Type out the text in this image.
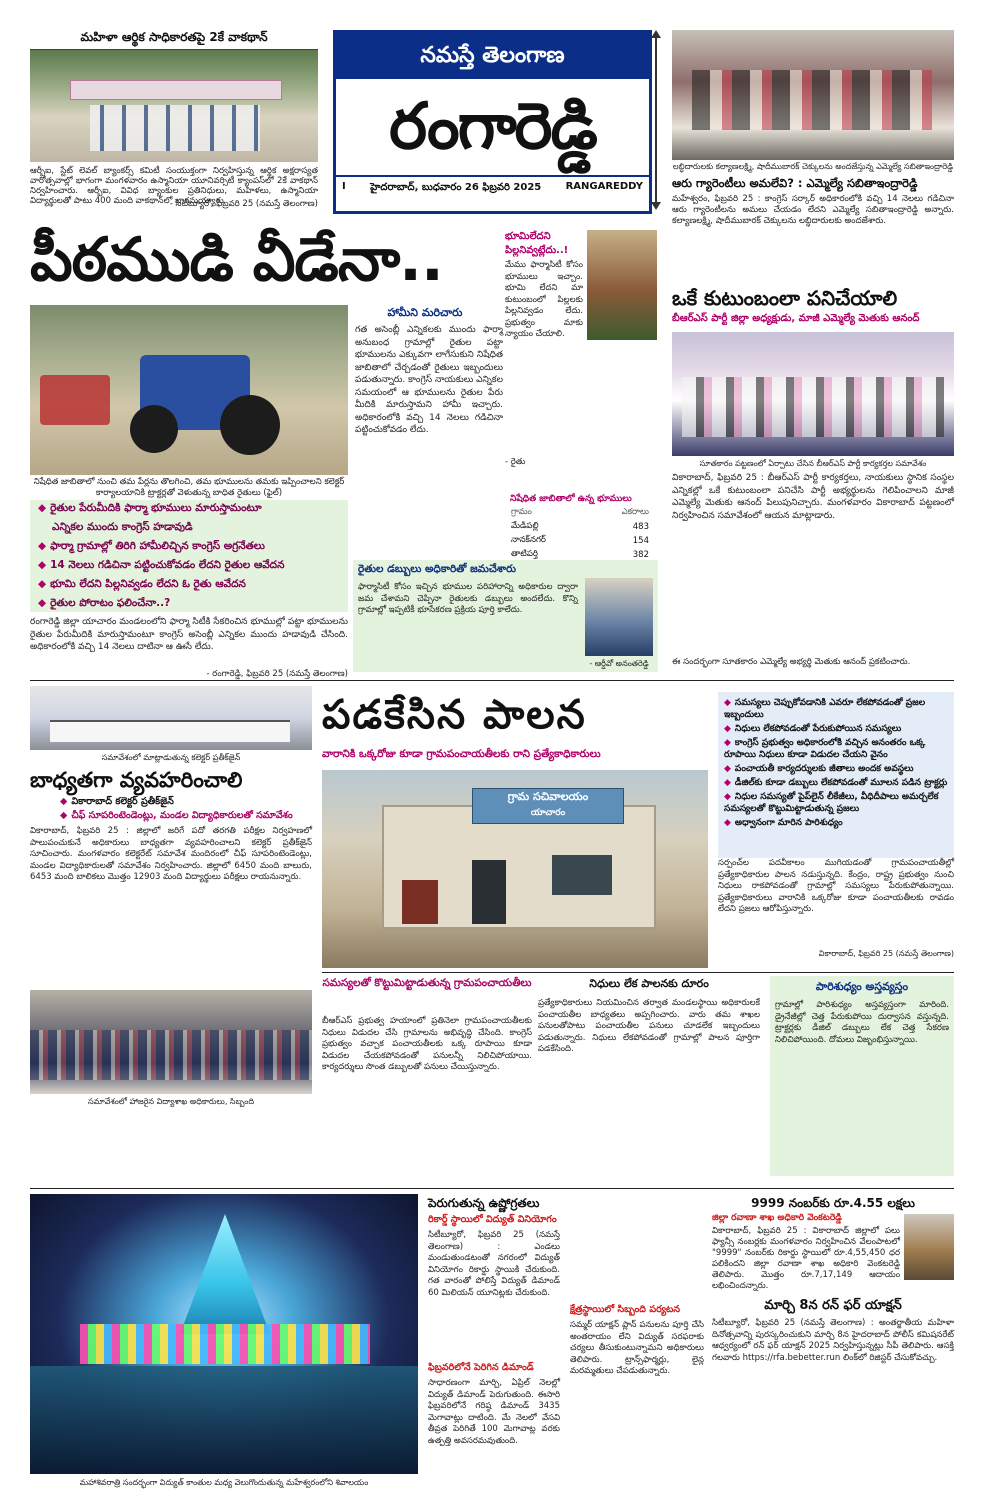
మహిళా ఆర్థిక సాధికారతపై 2కే వాకథాన్‌
ఆర్బీఐ, స్టేట్‌ లెవల్‌ బ్యాంకర్స్‌ కమిటీ సంయుక్తంగా నిర్వహిస్తున్న ఆర్థిక అక్షరాస్యత వారోత్సవాల్లో భాగంగా మంగళవారం ఉస్మానియా యూనివర్సిటీ క్యాంపస్‌లో 2కే వాకథాన్‌ నిర్వహించారు. ఆర్బీఐ, వివిధ బ్యాంకుల ప్రతినిధులు, మహిళలు, ఉస్మానియా విద్యార్థులతో పాటు 400 మంది వాకథాన్‌లో భాగమయ్యారు.
- సిటీబ్యూరో, ఫిబ్రవరి 25 (నమస్తే తెలంగాణ)
నమస్తే తెలంగాణ
రంగారెడ్డి
I హైదరాబాద్‌, బుధవారం 26 ఫిబ్రవరి 2025 RANGAREDDY
లబ్ధిదారులకు కల్యాణలక్ష్మి, షాదీముబారక్‌ చెక్కులను అందజేస్తున్న ఎమ్మెల్యే సబితాఇంద్రారెడ్డి
ఆరు గ్యారెంటీలు అమలేవి? : ఎమ్మెల్యే సబితాఇంద్రారెడ్డి
మహేశ్వరం, ఫిబ్రవరి 25 : కాంగ్రెస్‌ సర్కార్‌ అధికారంలోకి వచ్చి 14 నెలలు గడిచినా ఆరు గ్యారెంటీలను అమలు చేయడం లేదని ఎమ్మెల్యే సబితాఇంద్రారెడ్డి అన్నారు. కల్యాణలక్ష్మి, షాదీముబారక్‌ చెక్కులను లబ్ధిదారులకు అందజేశారు.
పీఠముడి వీడేనా..
నిషేధిత జాబితాలో నుంచి తమ పేర్లను తొలగించి, తమ భూములను తమకు ఇప్పించాలని కలెక్టర్‌ కార్యాలయానికి ట్రాక్టర్లతో వెళుతున్న బాధిత రైతులు (ఫైల్‌)
◆ రైతుల పేరుమీదికి ఫార్మా భూములు మారుస్తామంటూ
ఎన్నికల ముందు కాంగ్రెస్‌ హడావుడి
◆ ఫార్మా గ్రామాల్లో తిరిగి హామీలిచ్చిన కాంగ్రెస్‌ అగ్రనేతలు
◆ 14 నెలలు గడిచినా పట్టించుకోవడం లేదని రైతుల ఆవేదన
◆ భూమి లేదని పిల్లనివ్వడం లేదని ఓ రైతు ఆవేదన
◆ రైతుల పోరాటం ఫలించేనా..?
రంగారెడ్డి జిల్లా యాచారం మండలంలోని ఫార్మా సిటీకి సేకరించిన భూముల్లో పట్టా భూములను రైతుల పేరుమీదికి మారుస్తామంటూ కాంగ్రెస్‌ అసెంబ్లీ ఎన్నికల ముందు హడావుడి చేసింది. అధికారంలోకి వచ్చి 14 నెలలు దాటినా ఆ ఊసే లేదు.
- రంగారెడ్డి, ఫిబ్రవరి 25 (నమస్తే తెలంగాణ)
హామీని మరిచారు
గత అసెంబ్లీ ఎన్నికలకు ముందు ఫార్మా అనుబంధ గ్రామాల్లో రైతుల పట్టా భూములను ఎక్కువగా లాగేసుకుని నిషేధిత జాబితాలో చేర్చడంతో రైతులు ఇబ్బందులు పడుతున్నారు. కాంగ్రెస్‌ నాయకులు ఎన్నికల సమయంలో ఆ భూములను రైతుల పేరు మీదికి మారుస్తామని హామీ ఇచ్చారు. అధికారంలోకి వచ్చి 14 నెలలు గడిచినా పట్టించుకోవడం లేదు.
భూమిలేదని పిల్లనివ్వట్లేదు..!
మేము ఫార్మాసిటీ కోసం భూములు ఇచ్చాం. భూమి లేదని మా కుటుంబంలో పిల్లలకు పిల్లనివ్వడం లేదు. ప్రభుత్వం మాకు న్యాయం చేయాలి.
- రైతు
నిషేధిత జాబితాలో ఉన్న భూములు
గ్రామం	ఎకరాలు
మేడిపల్లి	483
నానక్‌నగర్‌	154
తాటిపర్తి	382

రైతుల డబ్బులు అధికారితో జమచేశారు
ఫార్మాసిటీ కోసం ఇచ్చిన భూముల పరిహారాన్ని అధికారుల ద్వారా జమ చేశామని చెప్పినా రైతులకు డబ్బులు అందలేదు. కొన్ని గ్రామాల్లో ఇప్పటికీ భూసేకరణ ప్రక్రియ పూర్తి కాలేదు.
- ఆర్డీవో అనంతరెడ్డి
ఒకే కుటుంబంలా పనిచేయాలి
బీఆర్‌ఎస్‌ పార్టీ జిల్లా అధ్యక్షుడు, మాజీ ఎమ్మెల్యే మెతుకు ఆనంద్‌
సూతకారం పట్టణంలో ఏర్పాటు చేసిన బీఆర్‌ఎస్‌ పార్టీ కార్యకర్తల సమావేశం
వికారాబాద్‌, ఫిబ్రవరి 25 : బీఆర్‌ఎస్‌ పార్టీ కార్యకర్తలు, నాయకులు స్థానిక సంస్థల ఎన్నికల్లో ఒకే కుటుంబంలా పనిచేసి పార్టీ అభ్యర్థులను గెలిపించాలని మాజీ ఎమ్మెల్యే మెతుకు ఆనంద్‌ పిలుపునిచ్చారు. మంగళవారం వికారాబాద్‌ పట్టణంలో నిర్వహించిన సమావేశంలో ఆయన మాట్లాడారు.
ఈ సందర్భంగా సూతకారం ఎమ్మెల్యే అభ్యర్థి మెతుకు ఆనంద్‌ ప్రకటించారు.
సమావేశంలో మాట్లాడుతున్న కలెక్టర్‌ ప్రతీక్‌జైన్‌
బాధ్యతగా వ్యవహరించాలి
◆ వికారాబాద్‌ కలెక్టర్‌ ప్రతీక్‌జైన్‌
◆ చీఫ్‌ సూపరింటెండెంట్లు, మండల విద్యాధికారులతో సమావేశం
వికారాబాద్‌, ఫిబ్రవరి 25 : జిల్లాలో జరిగే పదో తరగతి పరీక్షల నిర్వహణలో పాలుపంచుకునే అధికారులు బాధ్యతగా వ్యవహరించాలని కలెక్టర్‌ ప్రతీక్‌జైన్‌ సూచించారు. మంగళవారం కలెక్టరేట్‌ సమావేశ మందిరంలో చీఫ్‌ సూపరింటెండెంట్లు, మండల విద్యాధికారులతో సమావేశం నిర్వహించారు. జిల్లాలో 6450 మంది బాలురు, 6453 మంది బాలికలు మొత్తం 12903 మంది విద్యార్థులు పరీక్షలు రాయనున్నారు.
సమావేశంలో హాజరైన విద్యాశాఖ అధికారులు, సిబ్బంది
పడకేసిన పాలన
వారానికి ఒక్కరోజు కూడా గ్రామపంచాయతీలకు రాని ప్రత్యేకాధికారులు
గ్రామ సచివాలయం
యాచారం
◆ సమస్యలు చెప్పుకోవడానికి ఎవరూ లేకపోవడంతో ప్రజల ఇబ్బందులు
◆ నిధులు లేకపోవడంతో పేరుకుపోయిన సమస్యలు
◆ కాంగ్రెస్‌ ప్రభుత్వం అధికారంలోకి వచ్చిన అనంతరం ఒక్క రూపాయి నిధులు కూడా విడుదల చేయని వైనం
◆ పంచాయతీ కార్యదర్శులకు జీతాలు అందక అవస్థలు
◆ డీజిల్‌కు కూడా డబ్బులు లేకపోవడంతో మూలన పడిన ట్రాక్టర్లు
◆ నిధుల సమస్యతో పైప్‌లైన్‌ లీకేజీలు, వీధిదీపాలు అమర్చలేక సమస్యలతో కొట్టుమిట్టాడుతున్న ప్రజలు
◆ అధ్వానంగా మారిన పారిశుధ్యం
సర్పంచ్‌ల పదవీకాలం ముగియడంతో గ్రామపంచాయతీల్లో ప్రత్యేకాధికారుల పాలన నడుస్తున్నది. కేంద్రం, రాష్ట్ర ప్రభుత్వం నుంచి నిధులు రాకపోవడంతో గ్రామాల్లో సమస్యలు పేరుకుపోతున్నాయి. ప్రత్యేకాధికారులు వారానికి ఒక్కరోజు కూడా పంచాయతీలకు రావడం లేదని ప్రజలు ఆరోపిస్తున్నారు.
వికారాబాద్‌, ఫిబ్రవరి 25 (నమస్తే తెలంగాణ)
సమస్యలతో కొట్టుమిట్టాడుతున్న గ్రామపంచాయతీలు
బీఆర్‌ఎస్‌ ప్రభుత్వ హయాంలో ప్రతినెలా గ్రామపంచాయతీలకు నిధులు విడుదల చేసి గ్రామాలను అభివృద్ధి చేసింది. కాంగ్రెస్‌ ప్రభుత్వం వచ్చాక పంచాయతీలకు ఒక్క రూపాయి కూడా విడుదల చేయకపోవడంతో పనులన్నీ నిలిచిపోయాయి. కార్యదర్శులు సొంత డబ్బులతో పనులు చేయిస్తున్నారు.
నిధులు లేక పాలనకు దూరం
ప్రత్యేకాధికారులు నియమించిన తర్వాత మండలస్థాయి అధికారులకే పంచాయతీల బాధ్యతలు అప్పగించారు. వారు తమ శాఖల పనులతోపాటు పంచాయతీల పనులు చూడలేక ఇబ్బందులు పడుతున్నారు. నిధులు లేకపోవడంతో గ్రామాల్లో పాలన పూర్తిగా పడకేసింది.
పారిశుధ్యం అస్తవ్యస్తం
గ్రామాల్లో పారిశుధ్యం అస్తవ్యస్తంగా మారింది. డ్రైనేజీల్లో చెత్త పేరుకుపోయి దుర్వాసన వస్తున్నది. ట్రాక్టర్లకు డీజిల్‌ డబ్బులు లేక చెత్త సేకరణ నిలిచిపోయింది. దోమలు విజృంభిస్తున్నాయి.
మహాశివరాత్రి సందర్భంగా విద్యుత్‌ కాంతుల మధ్య వెలుగొందుతున్న మహేశ్వరంలోని శివాలయం
పెరుగుతున్న ఉష్ణోగ్రతలు
రికార్డ్‌ స్థాయిలో విద్యుత్‌ వినియోగం
సిటీబ్యూరో, ఫిబ్రవరి 25 (నమస్తే తెలంగాణ) : ఎండలు మండుతుండటంతో నగరంలో విద్యుత్‌ వినియోగం రికార్డు స్థాయికి చేరుకుంది. గత వారంతో పోలిస్తే విద్యుత్‌ డిమాండ్‌ 60 మిలియన్‌ యూనిట్లకు చేరుకుంది.
ఫిబ్రవరిలోనే పెరిగిన డిమాండ్‌
సాధారణంగా మార్చి, ఏప్రిల్‌ నెలల్లో విద్యుత్‌ డిమాండ్‌ పెరుగుతుంది. ఈసారి ఫిబ్రవరిలోనే గరిష్ఠ డిమాండ్‌ 3435 మెగావాట్లు దాటింది. మే నెలలో వేసవి తీవ్రత పెరిగితే 100 మెగావాట్ల వరకు ఉత్పత్తి అవసరమవుతుంది.
క్షేత్రస్థాయిలో సిబ్బంది పర్యటన
సమ్మర్‌ యాక్షన్‌ ప్లాన్‌ పనులను పూర్తి చేసి అంతరాయం లేని విద్యుత్‌ సరఫరాకు చర్యలు తీసుకుంటున్నామని అధికారులు తెలిపారు. ట్రాన్స్‌ఫార్మర్లు, లైన్ల మరమ్మతులు చేపడుతున్నారు.
9999 నంబర్‌కు రూ.4.55 లక్షలు
జిల్లా రవాణా శాఖ అధికారి వెంకటరెడ్డి
వికారాబాద్‌, ఫిబ్రవరి 25 : వికారాబాద్‌ జిల్లాలో పలు ఫ్యాన్సీ నంబర్లకు మంగళవారం నిర్వహించిన వేలంపాటలో "9999" నంబర్‌కు రికార్డు స్థాయిలో రూ.4,55,450 ధర పలికిందని జిల్లా రవాణా శాఖ అధికారి వెంకటరెడ్డి తెలిపారు. మొత్తం రూ.7,17,149 ఆదాయం లభించిందన్నారు.
మార్చి 8న రన్‌ ఫర్‌ యాక్షన్‌
సిటీబ్యూరో, ఫిబ్రవరి 25 (నమస్తే తెలంగాణ) : అంతర్జాతీయ మహిళా దినోత్సవాన్ని పురస్కరించుకుని మార్చి 8న హైదరాబాద్‌ పోలీస్‌ కమిషనరేట్‌ ఆధ్వర్యంలో రన్‌ ఫర్‌ యాక్షన్‌ 2025 నిర్వహిస్తున్నట్లు సీపీ తెలిపారు. ఆసక్తి గలవారు https://rfa.bebetter.run లింక్‌లో రిజిస్టర్‌ చేసుకోవచ్చు.
